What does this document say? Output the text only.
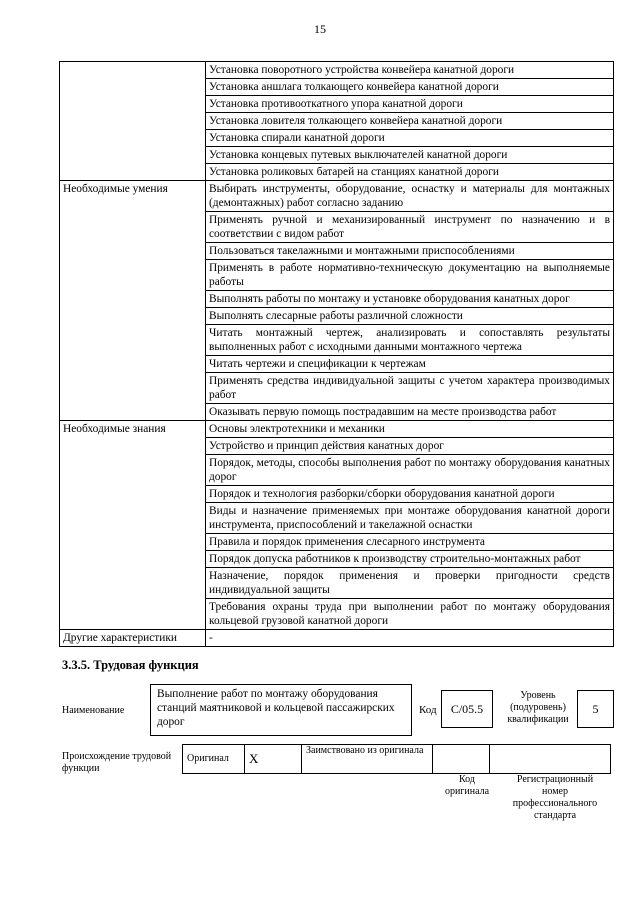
15
	Установка поворотного устройства конвейера канатной дороги
	Установка аншлага толкающего конвейера канатной дороги
	Установка противооткатного упора канатной дороги
	Установка ловителя толкающего конвейера канатной дороги
	Установка спирали канатной дороги
	Установка концевых путевых выключателей канатной дороги
	Установка роликовых батарей на станциях канатной дороги
Необходимые умения	Выбирать инструменты, оборудование, оснастку и материалы для монтажных (демонтажных) работ согласно заданию
	Применять ручной и механизированный инструмент по назначению и в соответствии с видом работ
	Пользоваться такелажными и монтажными приспособлениями
	Применять в работе нормативно-техническую документацию на выполняемые работы
	Выполнять работы по монтажу и установке оборудования канатных дорог
	Выполнять слесарные работы различной сложности
	Читать монтажный чертеж, анализировать и сопоставлять результаты выполненных работ с исходными данными монтажного чертежа
	Читать чертежи и спецификации к чертежам
	Применять средства индивидуальной защиты с учетом характера производимых работ
	Оказывать первую помощь пострадавшим на месте производства работ
Необходимые знания	Основы электротехники и механики
	Устройство и принцип действия канатных дорог
	Порядок, методы, способы выполнения работ по монтажу оборудования канатных дорог
	Порядок и технология разборки/сборки оборудования канатной дороги
	Виды и назначение применяемых при монтаже оборудования канатной дороги инструмента, приспособлений и такелажной оснастки
	Правила и порядок применения слесарного инструмента
	Порядок допуска работников к производству строительно-монтажных работ
	Назначение, порядок применения и проверки пригодности средств индивидуальной защиты
	Требования охраны труда при выполнении работ по монтажу оборудования кольцевой грузовой канатной дороги
Другие характеристики	-
3.3.5. Трудовая функция
Наименование
Выполнение работ по монтажу оборудования станций маятниковой и кольцевой пассажирских дорог
Код	С/05.5
Уровень (подуровень) квалификации
5
Происхождение трудовой функции
Оригинал	X	Заимствовано из оригинала		
Код оригинала
Регистрационный номер профессионального стандарта
